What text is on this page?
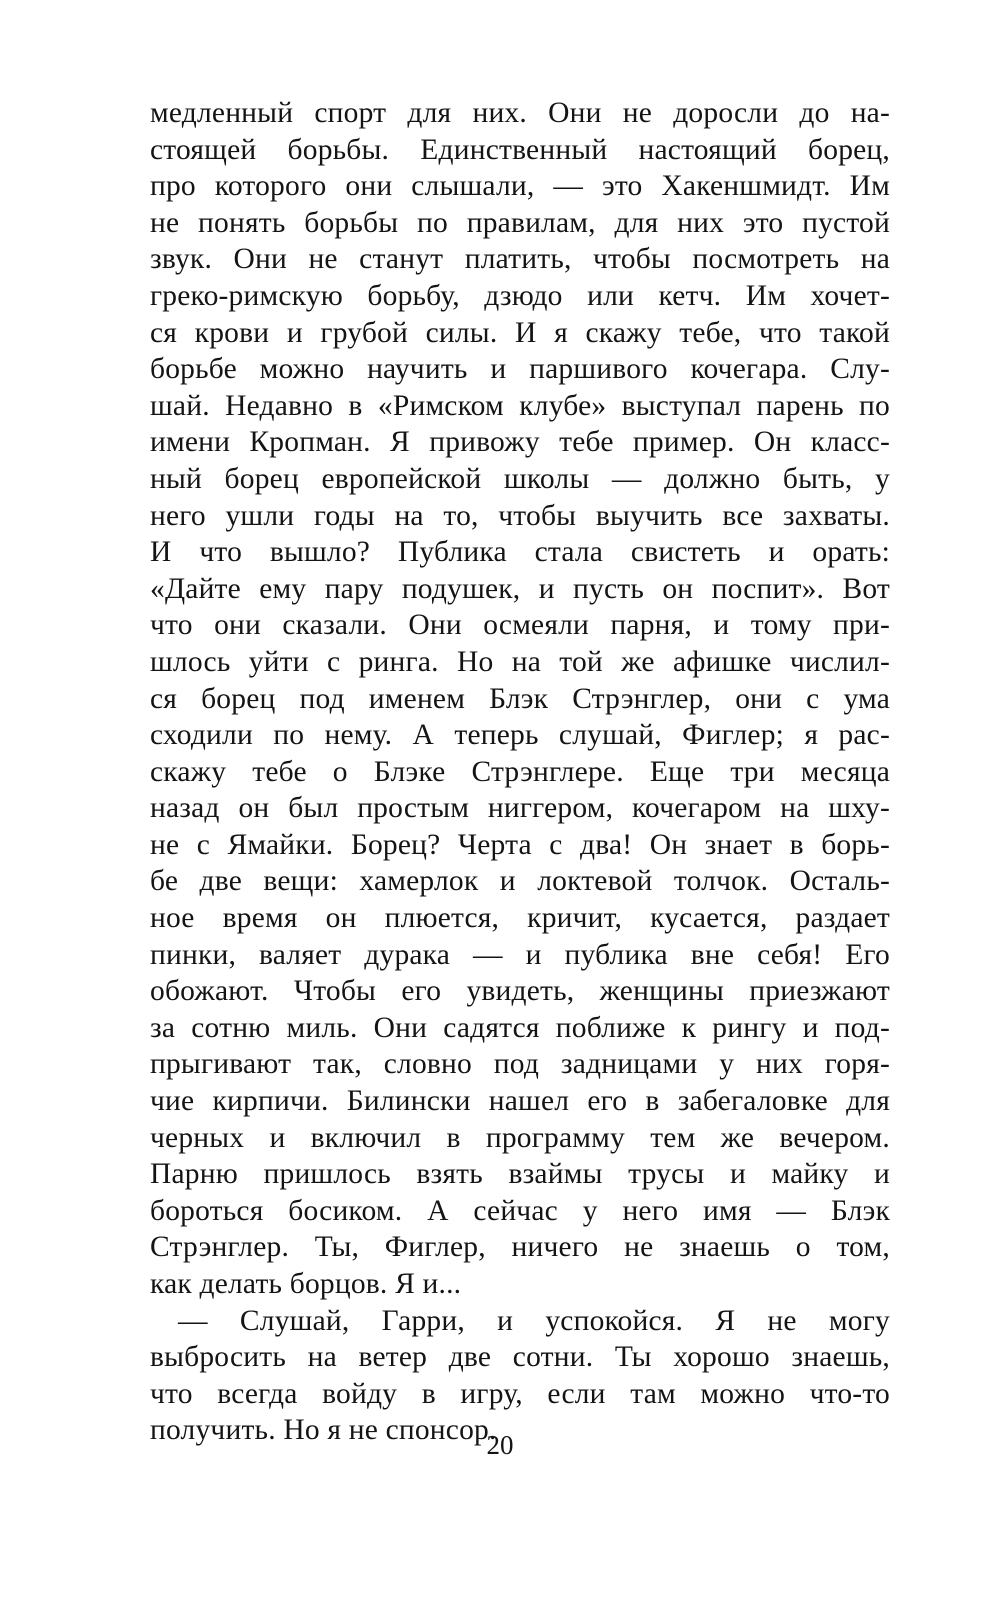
медленный спорт для них. Они не доросли до на-
стоящей борьбы. Единственный настоящий борец,
про которого они слышали, — это Хакеншмидт. Им
не понять борьбы по правилам, для них это пустой
звук. Они не станут платить, чтобы посмотреть на
греко-римскую борьбу, дзюдо или кетч. Им хочет-
ся крови и грубой силы. И я скажу тебе, что такой
борьбе можно научить и паршивого кочегара. Слу-
шай. Недавно в «Римском клубе» выступал парень по
имени Кропман. Я привожу тебе пример. Он класс-
ный борец европейской школы — должно быть, у
него ушли годы на то, чтобы выучить все захваты.
И что вышло? Публика стала свистеть и орать:
«Дайте ему пару подушек, и пусть он поспит». Вот
что они сказали. Они осмеяли парня, и тому при-
шлось уйти с ринга. Но на той же афишке числил-
ся борец под именем Блэк Стрэнглер, они с ума
сходили по нему. А теперь слушай, Фиглер; я рас-
скажу тебе о Блэке Стрэнглере. Еще три месяца
назад он был простым ниггером, кочегаром на шху-
не с Ямайки. Борец? Черта с два! Он знает в борь-
бе две вещи: хамерлок и локтевой толчок. Осталь-
ное время он плюется, кричит, кусается, раздает
пинки, валяет дурака — и публика вне себя! Его
обожают. Чтобы его увидеть, женщины приезжают
за сотню миль. Они садятся поближе к рингу и под-
прыгивают так, словно под задницами у них горя-
чие кирпичи. Билински нашел его в забегаловке для
черных и включил в программу тем же вечером.
Парню пришлось взять взаймы трусы и майку и
бороться босиком. А сейчас у него имя — Блэк
Стрэнглер. Ты, Фиглер, ничего не знаешь о том,
как делать борцов. Я и...
— Слушай, Гарри, и успокойся. Я не могу
выбросить на ветер две сотни. Ты хорошо знаешь,
что всегда войду в игру, если там можно что-то
получить. Но я не спонсор.
20
